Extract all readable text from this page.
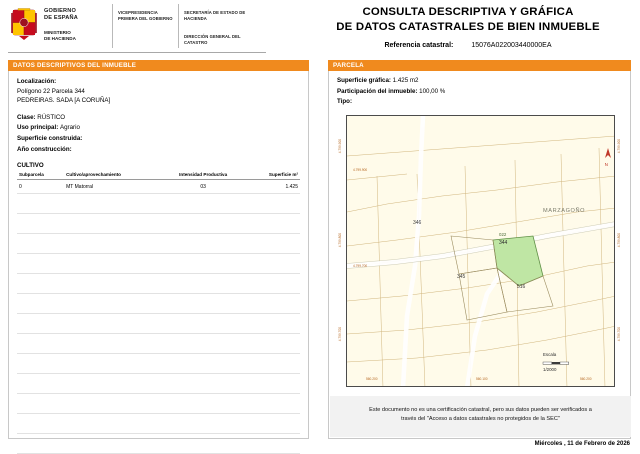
GOBIERNO
DE ESPAÑA
MINISTERIO
DE HACIENDA
VICEPRESIDENCIA PRIMERA DEL GOBIERNO
SECRETARÍA DE ESTADO DE HACIENDA
DIRECCIÓN GENERAL DEL CATASTRO
CONSULTA DESCRIPTIVA Y GRÁFICA
DE DATOS CATASTRALES DE BIEN INMUEBLE
Referencia catastral:	15076A022003440000EA
DATOS DESCRIPTIVOS DEL INMUEBLE
Localización:
Polígono 22 Parcela 344
PEDREIRAS. SADA [A CORUÑA]
Clase: RÚSTICO
Uso principal: Agrario
Superficie construida:
Año construcción:
CULTIVO
Subparcela	Cultivo/aprovechamiento	Intensidad Productiva	Superficie m²
0	MT Matorral	03	1.425

PARCELA
Superficie gráfica: 1.425 m2
Participación del inmueble: 100,00 %
Tipo:
4.799.900
4.799.800
4.799.700
4.799.900
4.799.800
4.799.700
MARZAGOÑO
N
346
022
344
345
516
Escala
1/2000
4.799.900
4.799.700
560.200	560.100	560.200
Este documento no es una certificación catastral, pero sus datos pueden ser verificados a
través del "Acceso a datos catastrales no protegidos de la SEC"
Miércoles , 11 de Febrero de 2026
